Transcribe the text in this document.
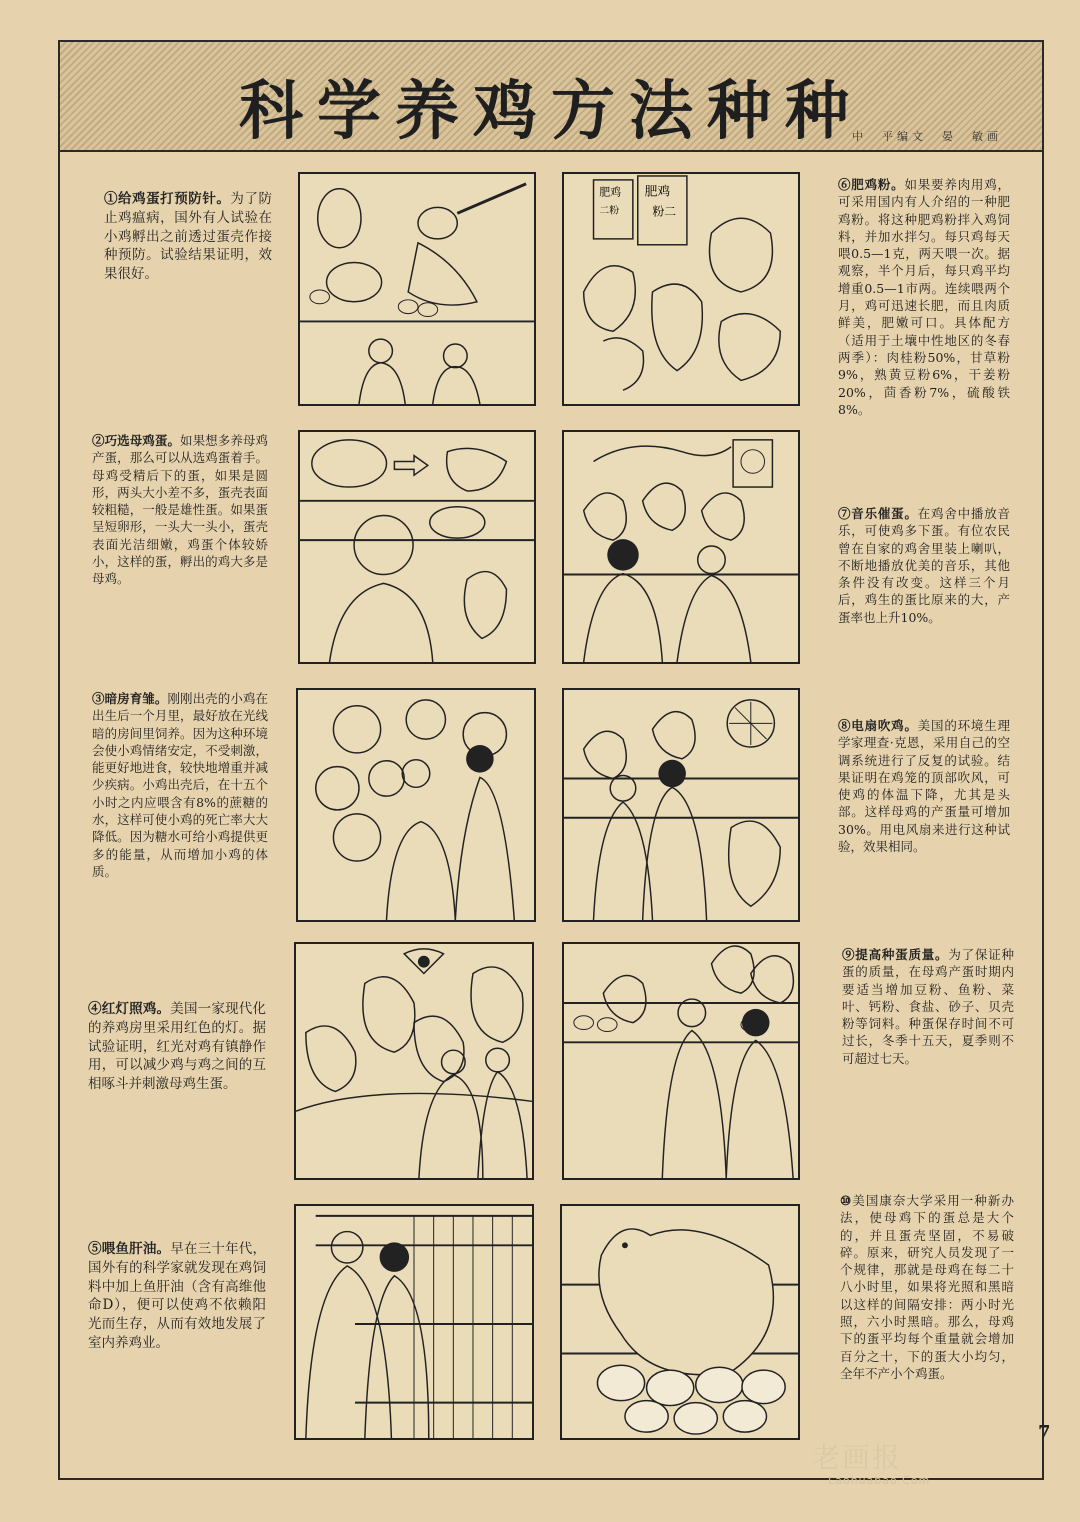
科学养鸡方法种种
中　平编文　晏　敏画
①给鸡蛋打预防针。为了防止鸡瘟病，国外有人试验在小鸡孵出之前透过蛋壳作接种预防。试验结果证明，效果很好。
②巧选母鸡蛋。如果想多养母鸡产蛋，那么可以从选鸡蛋着手。母鸡受精后下的蛋，如果是圆形，两头大小差不多，蛋壳表面较粗糙，一般是雄性蛋。如果蛋呈短卵形，一头大一头小，蛋壳表面光洁细嫩，鸡蛋个体较娇小，这样的蛋，孵出的鸡大多是母鸡。
③暗房育雏。刚刚出壳的小鸡在出生后一个月里，最好放在光线暗的房间里饲养。因为这种环境会使小鸡情绪安定，不受刺激，能更好地进食，较快地增重并减少疾病。小鸡出壳后，在十五个小时之内应喂含有8%的蔗糖的水，这样可使小鸡的死亡率大大降低。因为糖水可给小鸡提供更多的能量，从而增加小鸡的体质。
④红灯照鸡。美国一家现代化的养鸡房里采用红色的灯。据试验证明，红光对鸡有镇静作用，可以减少鸡与鸡之间的互相啄斗并刺激母鸡生蛋。
⑤喂鱼肝油。早在三十年代，国外有的科学家就发现在鸡饲料中加上鱼肝油（含有高维他命D），便可以使鸡不依赖阳光而生存，从而有效地发展了室内养鸡业。
⑥肥鸡粉。如果要养肉用鸡，可采用国内有人介绍的一种肥鸡粉。将这种肥鸡粉拌入鸡饲料，并加水拌匀。每只鸡每天喂0.5—1克，两天喂一次。据观察，半个月后，每只鸡平均增重0.5—1市两。连续喂两个月，鸡可迅速长肥，而且肉质鲜美，肥嫩可口。具体配方（适用于土壤中性地区的冬春两季）：肉桂粉50%，甘草粉9%，熟黄豆粉6%，干姜粉20%，茴香粉7%，硫酸铁8%。
⑦音乐催蛋。在鸡舍中播放音乐，可使鸡多下蛋。有位农民曾在自家的鸡舍里装上喇叭，不断地播放优美的音乐，其他条件没有改变。这样三个月后，鸡生的蛋比原来的大，产蛋率也上升10%。
⑧电扇吹鸡。美国的环境生理学家理查·克恩，采用自己的空调系统进行了反复的试验。结果证明在鸡笼的顶部吹风，可使鸡的体温下降，尤其是头部。这样母鸡的产蛋量可增加30%。用电风扇来进行这种试验，效果相同。
⑨提高种蛋质量。为了保证种蛋的质量，在母鸡产蛋时期内要适当增加豆粉、鱼粉、菜叶、钙粉、食盐、砂子、贝壳粉等饲料。种蛋保存时间不可过长，冬季十五天，夏季则不可超过七天。
⑩美国康奈大学采用一种新办法，使母鸡下的蛋总是大个的，并且蛋壳坚固，不易破碎。原来，研究人员发现了一个规律，那就是母鸡在每二十八小时里，如果将光照和黑暗以这样的间隔安排：两小时光照，六小时黑暗。那么，母鸡下的蛋平均每个重量就会增加百分之十，下的蛋大小均匀，全年不产小个鸡蛋。
肥鸡
二粉
肥鸡
粉二
老画报
Laohuabao.Com
7
